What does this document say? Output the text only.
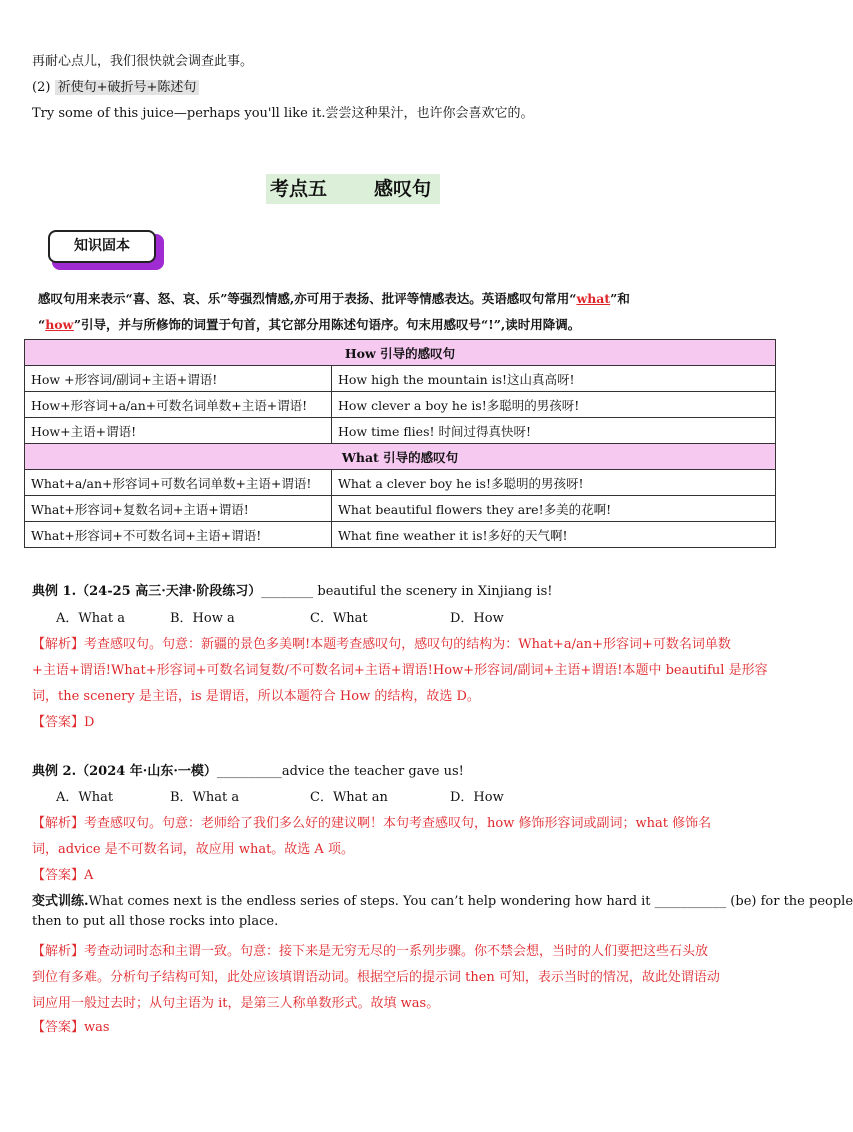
再耐心点儿，我们很快就会调查此事。
(2) 祈使句+破折号+陈述句
Try some of this juice—perhaps you'll like it.尝尝这种果汁，也许你会喜欢它的。
考点五 感叹句
知识固本
感叹句用来表示“喜、怒、哀、乐”等强烈情感,亦可用于表扬、批评等情感表达。英语感叹句常用“what”和
“how”引导，并与所修饰的词置于句首，其它部分用陈述句语序。句末用感叹号“!”,读时用降调。
How 引导的感叹句	
How +形容词/副词+主语+谓语!	How high the mountain is!这山真高呀!
How+形容词+a/an+可数名词单数+主语+谓语!	How clever a boy he is!多聪明的男孩呀!
How+主语+谓语!	How time flies! 时间过得真快呀!
What 引导的感叹句	
What+a/an+形容词+可数名词单数+主语+谓语!	What a clever boy he is!多聪明的男孩呀!
What+形容词+复数名词+主语+谓语!	What beautiful flowers they are!多美的花啊!
What+形容词+不可数名词+主语+谓语!	What fine weather it is!多好的天气啊!
典例 1.（24-25 高三·天津·阶段练习）________ beautiful the scenery in Xinjiang is!
A．What a	B．How a	C．What	D．How
【解析】考查感叹句。句意：新疆的景色多美啊!本题考查感叹句，感叹句的结构为：What+a/an+形容词+可数名词单数
+主语+谓语!What+形容词+可数名词复数/不可数名词+主语+谓语!How+形容词/副词+主语+谓语!本题中 beautiful 是形容
词，the scenery 是主语，is 是谓语，所以本题符合 How 的结构，故选 D。
【答案】D
典例 2.（2024 年·山东·一模）__________advice the teacher gave us!
A．What	B．What a	C．What an	D．How
【解析】考查感叹句。句意：老师给了我们多么好的建议啊！本句考查感叹句，how 修饰形容词或副词；what 修饰名
词，advice 是不可数名词，故应用 what。故选 A 项。
【答案】A
变式训练.What comes next is the endless series of steps. You can’t help wondering how hard it ___________ (be) for the people
then to put all those rocks into place.
【解析】考查动词时态和主谓一致。句意：接下来是无穷无尽的一系列步骤。你不禁会想，当时的人们要把这些石头放
到位有多难。分析句子结构可知，此处应该填谓语动词。根据空后的提示词 then 可知，表示当时的情况，故此处谓语动
词应用一般过去时；从句主语为 it，是第三人称单数形式。故填 was。
【答案】was
